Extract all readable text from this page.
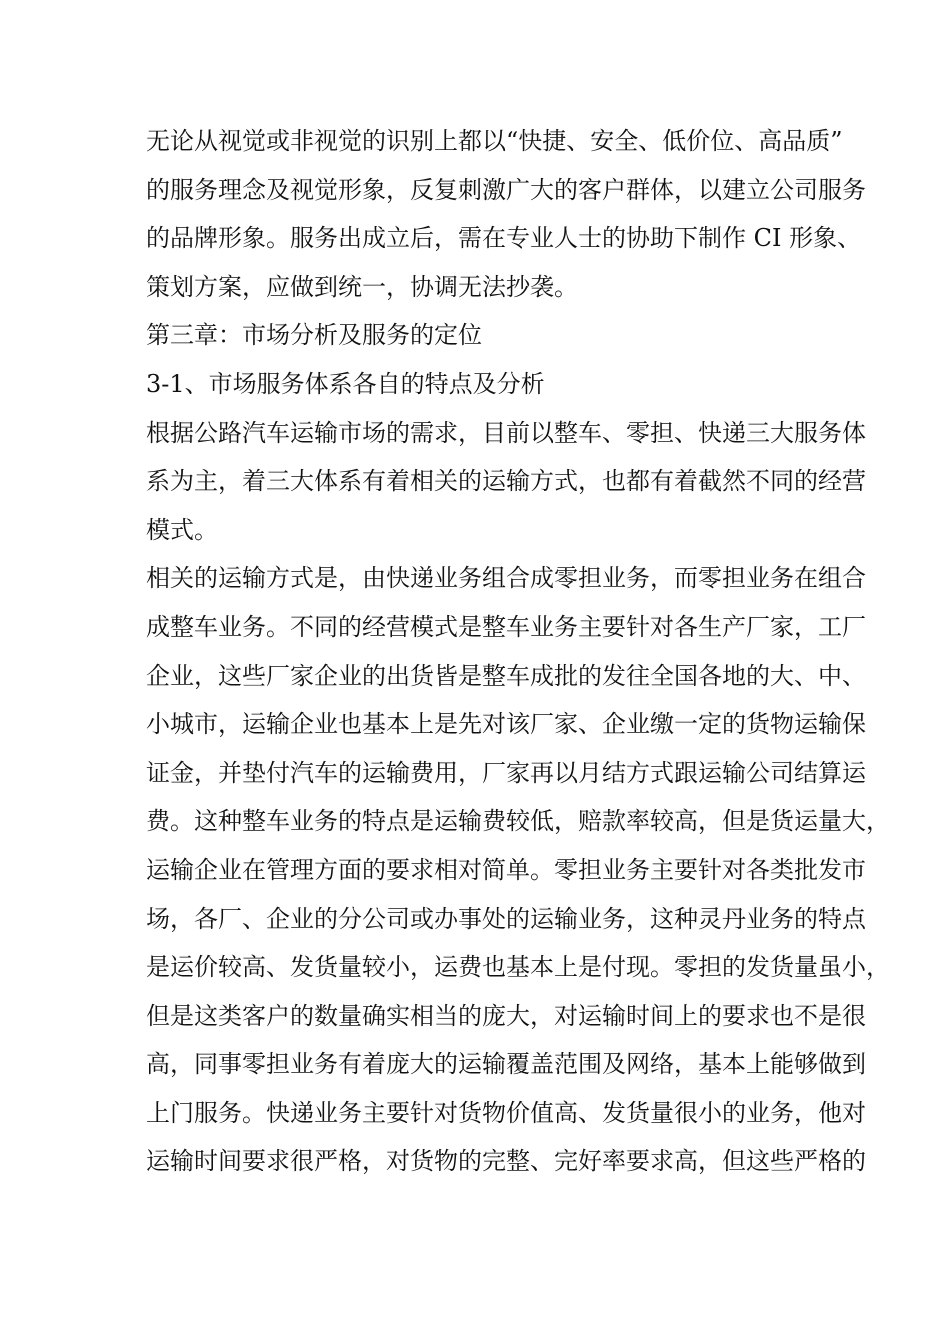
无论从视觉或非视觉的识别上都以“快捷、安全、低价位、高品质”
的服务理念及视觉形象，反复刺激广大的客户群体，以建立公司服务
的品牌形象。服务出成立后，需在专业人士的协助下制作 CI 形象、
策划方案，应做到统一，协调无法抄袭。
第三章：市场分析及服务的定位
3-1、市场服务体系各自的特点及分析
根据公路汽车运输市场的需求，目前以整车、零担、快递三大服务体
系为主，着三大体系有着相关的运输方式，也都有着截然不同的经营
模式。
相关的运输方式是，由快递业务组合成零担业务，而零担业务在组合
成整车业务。不同的经营模式是整车业务主要针对各生产厂家，工厂
企业，这些厂家企业的出货皆是整车成批的发往全国各地的大、中、
小城市，运输企业也基本上是先对该厂家、企业缴一定的货物运输保
证金，并垫付汽车的运输费用，厂家再以月结方式跟运输公司结算运
费。这种整车业务的特点是运输费较低，赔款率较高，但是货运量大，
运输企业在管理方面的要求相对简单。零担业务主要针对各类批发市
场，各厂、企业的分公司或办事处的运输业务，这种灵丹业务的特点
是运价较高、发货量较小，运费也基本上是付现。零担的发货量虽小，
但是这类客户的数量确实相当的庞大，对运输时间上的要求也不是很
高，同事零担业务有着庞大的运输覆盖范围及网络，基本上能够做到
上门服务。快递业务主要针对货物价值高、发货量很小的业务，他对
运输时间要求很严格，对货物的完整、完好率要求高，但这些严格的
